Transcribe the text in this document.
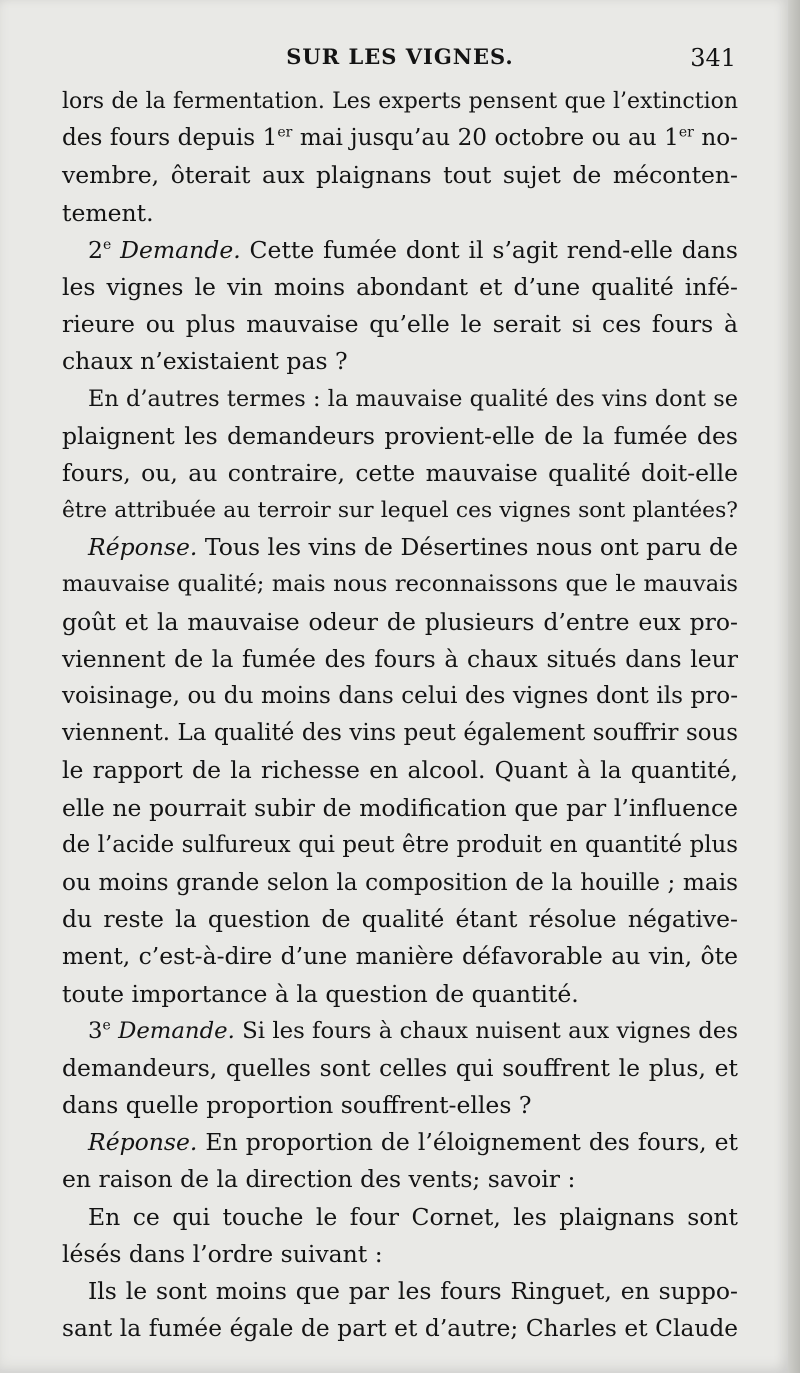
SUR LES VIGNES.	341
lors de la fermentation. Les experts pensent que l’extinction
des fours depuis 1er mai jusqu’au 20 octobre ou au 1er no-
vembre, ôterait aux plaignans tout sujet de méconten-
tement.
2e Demande. Cette fumée dont il s’agit rend-elle dans
les vignes le vin moins abondant et d’une qualité infé-
rieure ou plus mauvaise qu’elle le serait si ces fours à
chaux n’existaient pas ?
En d’autres termes : la mauvaise qualité des vins dont se
plaignent les demandeurs provient-elle de la fumée des
fours, ou, au contraire, cette mauvaise qualité doit-elle
être attribuée au terroir sur lequel ces vignes sont plantées?
Réponse. Tous les vins de Désertines nous ont paru de
mauvaise qualité; mais nous reconnaissons que le mauvais
goût et la mauvaise odeur de plusieurs d’entre eux pro-
viennent de la fumée des fours à chaux situés dans leur
voisinage, ou du moins dans celui des vignes dont ils pro-
viennent. La qualité des vins peut également souffrir sous
le rapport de la richesse en alcool. Quant à la quantité,
elle ne pourrait subir de modification que par l’influence
de l’acide sulfureux qui peut être produit en quantité plus
ou moins grande selon la composition de la houille ; mais
du reste la question de qualité étant résolue négative-
ment, c’est-à-dire d’une manière défavorable au vin, ôte
toute importance à la question de quantité.
3e Demande. Si les fours à chaux nuisent aux vignes des
demandeurs, quelles sont celles qui souffrent le plus, et
dans quelle proportion souffrent-elles ?
Réponse. En proportion de l’éloignement des fours, et
en raison de la direction des vents; savoir :
En ce qui touche le four Cornet, les plaignans sont
lésés dans l’ordre suivant :
Ils le sont moins que par les fours Ringuet, en suppo-
sant la fumée égale de part et d’autre; Charles et Claude
